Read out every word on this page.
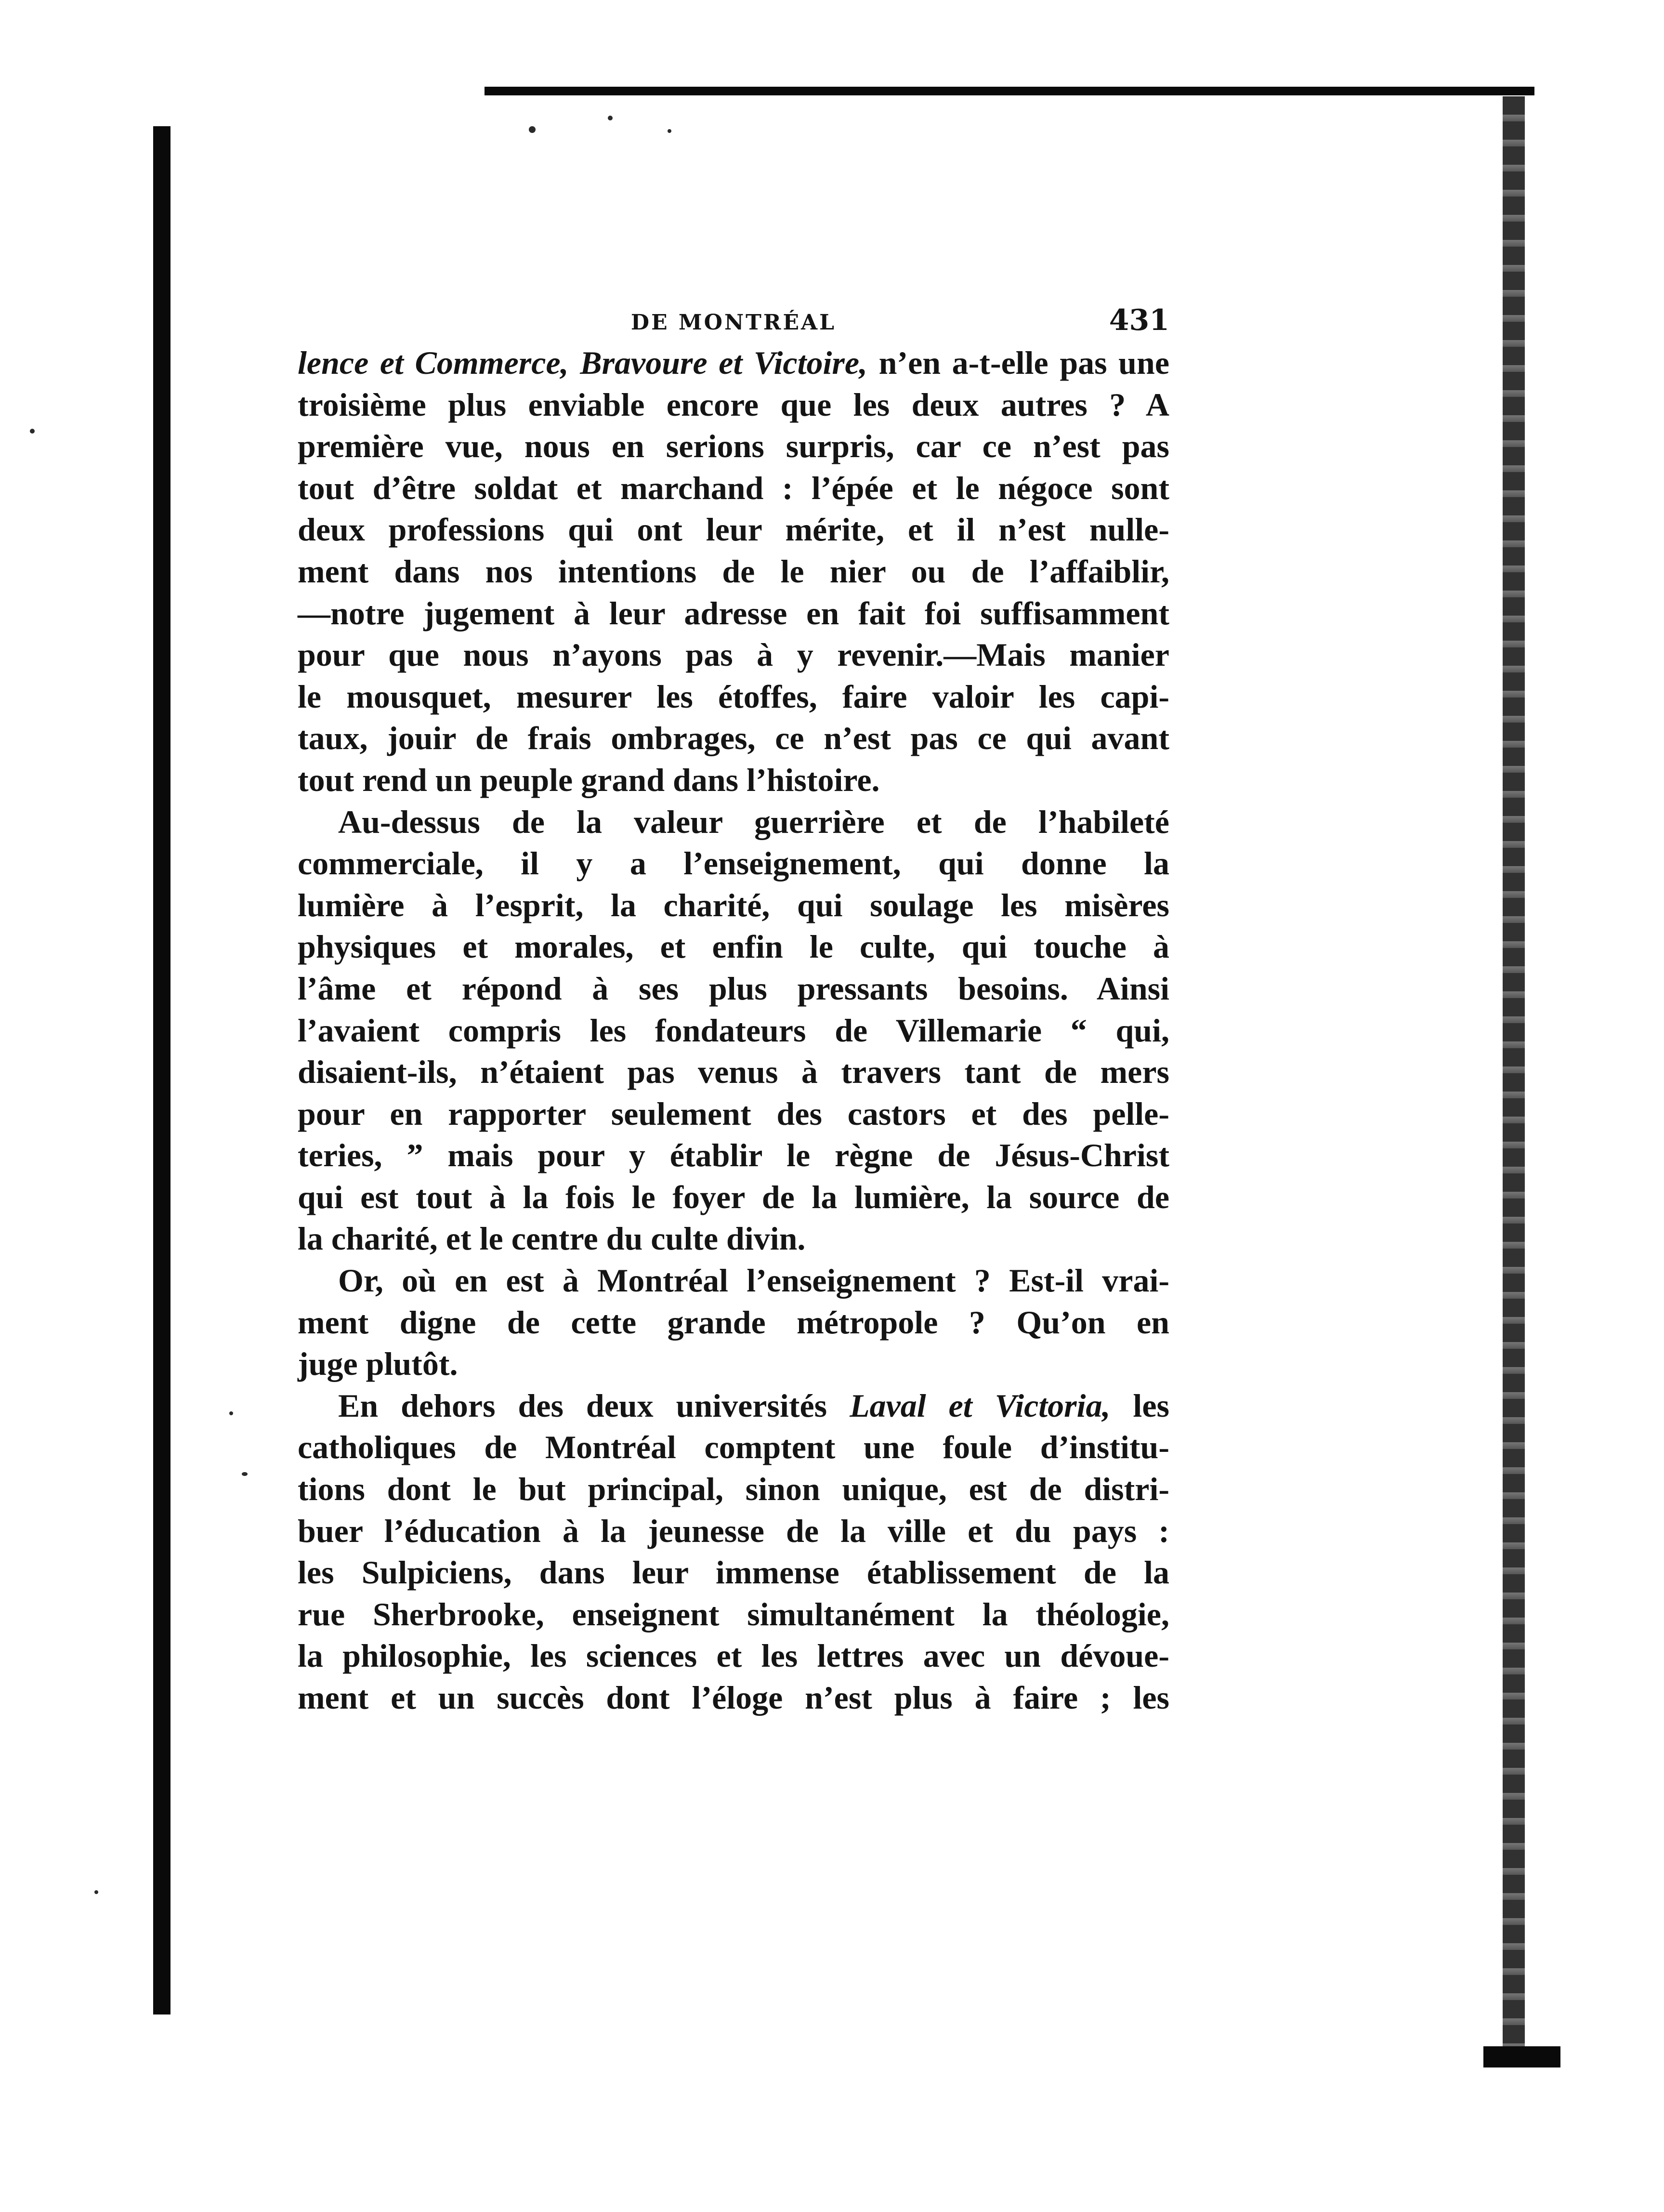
DE MONTRÉAL	431
lence et Commerce, Bravoure et Victoire, n’en a-t-elle pas une
troisième plus enviable encore que les deux autres ? A
première vue, nous en serions surpris, car ce n’est pas
tout d’être soldat et marchand : l’épée et le négoce sont
deux professions qui ont leur mérite, et il n’est nulle-
ment dans nos intentions de le nier ou de l’affaiblir,
—notre jugement à leur adresse en fait foi suffisamment
pour que nous n’ayons pas à y revenir.—Mais manier
le mousquet, mesurer les étoffes, faire valoir les capi-
taux, jouir de frais ombrages, ce n’est pas ce qui avant
tout rend un peuple grand dans l’histoire.
Au-dessus de la valeur guerrière et de l’habileté
commerciale, il y a l’enseignement, qui donne la
lumière à l’esprit, la charité, qui soulage les misères
physiques et morales, et enfin le culte, qui touche à
l’âme et répond à ses plus pressants besoins. Ainsi
l’avaient compris les fondateurs de Villemarie “ qui,
disaient-ils, n’étaient pas venus à travers tant de mers
pour en rapporter seulement des castors et des pelle-
teries, ” mais pour y établir le règne de Jésus-Christ
qui est tout à la fois le foyer de la lumière, la source de
la charité, et le centre du culte divin.
Or, où en est à Montréal l’enseignement ? Est-il vrai-
ment digne de cette grande métropole ? Qu’on en
juge plutôt.
En dehors des deux universités Laval et Victoria, les
catholiques de Montréal comptent une foule d’institu-
tions dont le but principal, sinon unique, est de distri-
buer l’éducation à la jeunesse de la ville et du pays :
les Sulpiciens, dans leur immense établissement de la
rue Sherbrooke, enseignent simultanément la théologie,
la philosophie, les sciences et les lettres avec un dévoue-
ment et un succès dont l’éloge n’est plus à faire ; les
